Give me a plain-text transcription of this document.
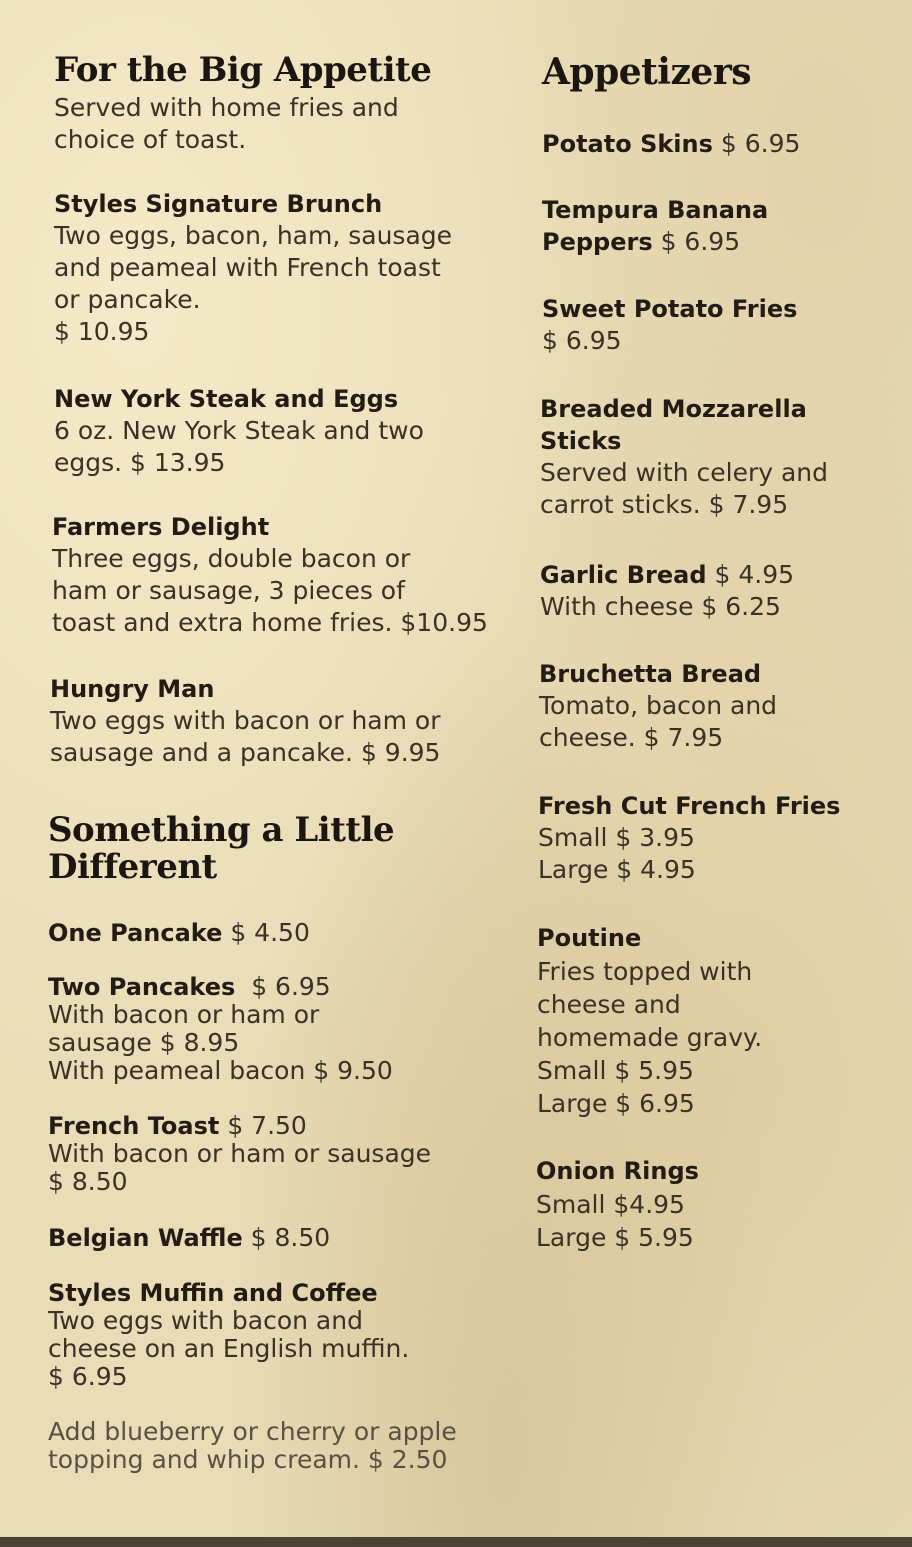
For the Big Appetite
Served with home fries and
choice of toast.
Styles Signature Brunch
Two eggs, bacon, ham, sausage
and peameal with French toast
or pancake.
$ 10.95
New York Steak and Eggs
6 oz. New York Steak and two
eggs. $ 13.95
Farmers Delight
Three eggs, double bacon or
ham or sausage, 3 pieces of
toast and extra home fries. $10.95
Hungry Man
Two eggs with bacon or ham or
sausage and a pancake. $ 9.95
Something a Little
Different
One Pancake $ 4.50
Two Pancakes $ 6.95
With bacon or ham or
sausage $ 8.95
With peameal bacon $ 9.50
French Toast $ 7.50
With bacon or ham or sausage
$ 8.50
Belgian Waffle $ 8.50
Styles Muffin and Coffee
Two eggs with bacon and
cheese on an English muffin.
$ 6.95
Add blueberry or cherry or apple
topping and whip cream. $ 2.50
Appetizers
Potato Skins $ 6.95
Tempura Banana
Peppers $ 6.95
Sweet Potato Fries
$ 6.95
Breaded Mozzarella
Sticks
Served with celery and
carrot sticks. $ 7.95
Garlic Bread $ 4.95
With cheese $ 6.25
Bruchetta Bread
Tomato, bacon and
cheese. $ 7.95
Fresh Cut French Fries
Small $ 3.95
Large $ 4.95
Poutine
Fries topped with
cheese and
homemade gravy.
Small $ 5.95
Large $ 6.95
Onion Rings
Small $4.95
Large $ 5.95
